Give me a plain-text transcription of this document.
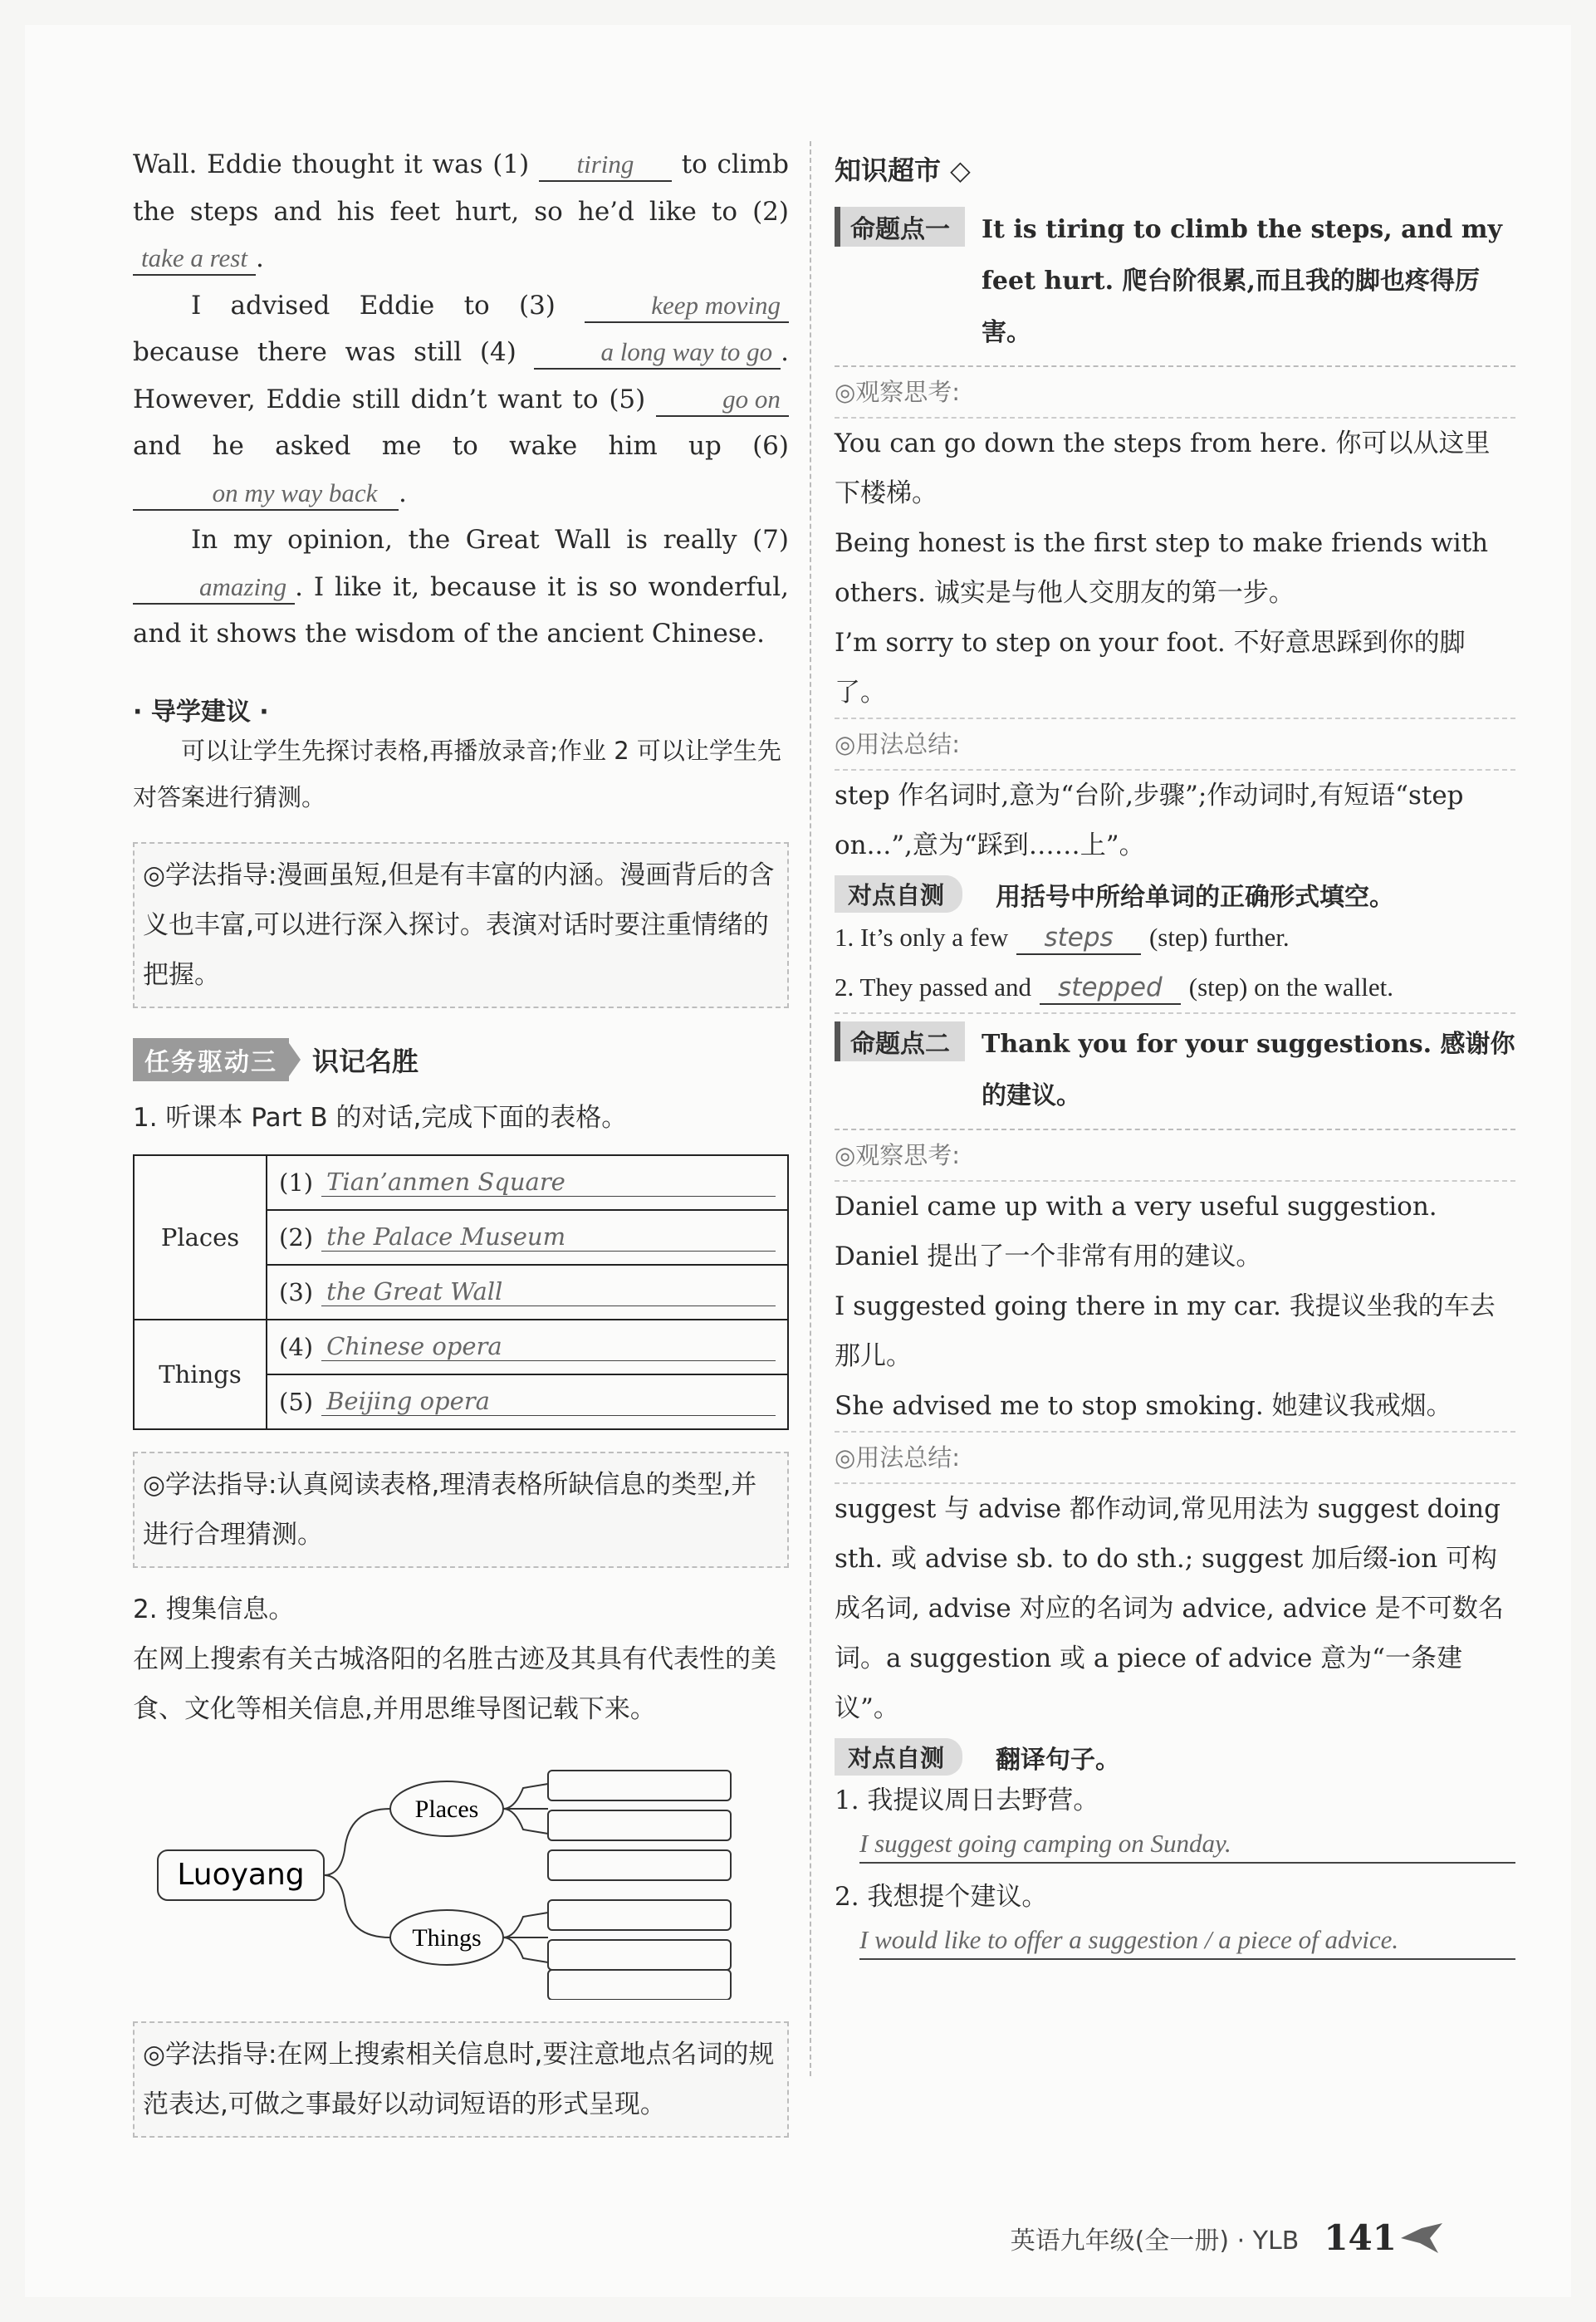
Wall. Eddie thought it was (1) tiring to climb the steps and his feet hurt, so he’d like to (2) take a rest .
I advised Eddie to (3)	keep moving because there was still (4)	a long way to go . However, Eddie still didn’t want to (5)	go on and he asked me to wake him up (6) on my way back .
In my opinion, the Great Wall is really (7) amazing . I like it, because it is so wonderful, and it shows the wisdom of the ancient Chinese.
· 导学建议 ·
可以让学生先探讨表格,再播放录音;作业 2 可以让学生先对答案进行猜测。
◎学法指导:漫画虽短,但是有丰富的内涵。漫画背后的含义也丰富,可以进行深入探讨。表演对话时要注重情绪的把握。
任务驱动三	识记名胜
1. 听课本 Part B 的对话,完成下面的表格。
Places	(1) Tian’anmen Square

	(2) the Palace Museum

	(3) the Great Wall

Things	(4) Chinese opera

	(5) Beijing opera
◎学法指导:认真阅读表格,理清表格所缺信息的类型,并进行合理猜测。
2. 搜集信息。
在网上搜索有关古城洛阳的名胜古迹及其具有代表性的美食、文化等相关信息,并用思维导图记载下来。
Luoyang
Places
Things
◎学法指导:在网上搜索相关信息时,要注意地点名词的规范表达,可做之事最好以动词短语的形式呈现。
知识超市 ◇
命题点一	It is tiring to climb the steps, and my feet hurt. 爬台阶很累,而且我的脚也疼得厉害。
◎观察思考:
You can go down the steps from here. 你可以从这里下楼梯。
Being honest is the first step to make friends with others. 诚实是与他人交朋友的第一步。
I’m sorry to step on your foot. 不好意思踩到你的脚了。
◎用法总结:
step 作名词时,意为“台阶,步骤”;作动词时,有短语“step on...”,意为“踩到……上”。
对点自测	用括号中所给单词的正确形式填空。
1. It’s only a few steps (step) further.
2. They passed and stepped (step) on the wallet.
命题点二	Thank you for your suggestions. 感谢你的建议。
◎观察思考:
Daniel came up with a very useful suggestion. Daniel 提出了一个非常有用的建议。
I suggested going there in my car. 我提议坐我的车去那儿。
She advised me to stop smoking. 她建议我戒烟。
◎用法总结:
suggest 与 advise 都作动词,常见用法为 suggest doing sth. 或 advise sb. to do sth.; suggest 加后缀-ion 可构成名词, advise 对应的名词为 advice, advice 是不可数名词。a suggestion 或 a piece of advice 意为“一条建议”。
对点自测	翻译句子。
1. 我提议周日去野营。
I suggest going camping on Sunday.
2. 我想提个建议。
I would like to offer a suggestion / a piece of advice.
英语九年级(全一册) · YLB 141
